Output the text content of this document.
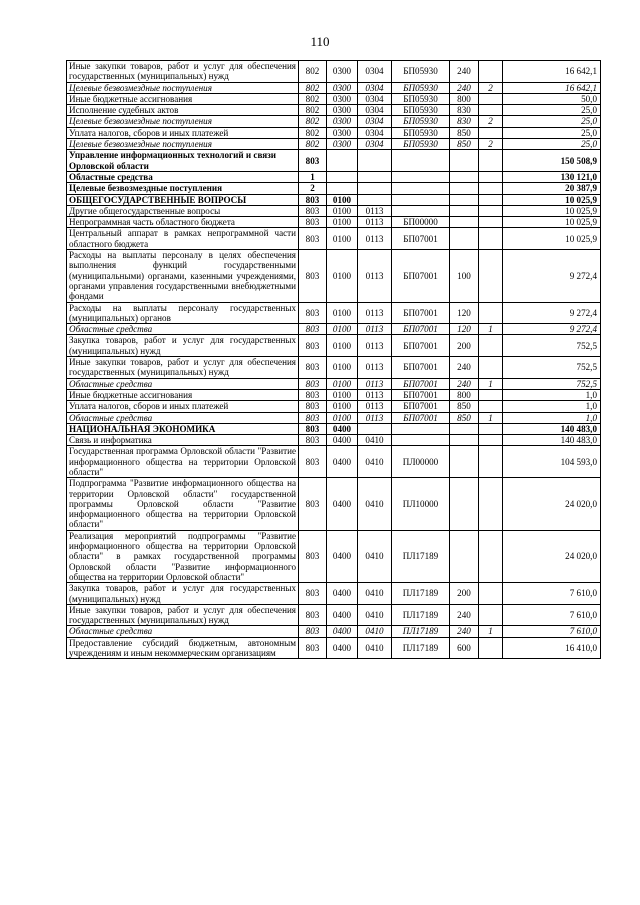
110
Иные закупки товаров, работ и услуг для обеспечения государственных (муниципальных) нужд	802	0300	0304	БП05930	240		16 642,1
Целевые безвозмездные поступления	802	0300	0304	БП05930	240	2	16 642,1
Иные бюджетные ассигнования	802	0300	0304	БП05930	800		50,0
Исполнение судебных актов	802	0300	0304	БП05930	830		25,0
Целевые безвозмездные поступления	802	0300	0304	БП05930	830	2	25,0
Уплата налогов, сборов и иных платежей	802	0300	0304	БП05930	850		25,0
Целевые безвозмездные поступления	802	0300	0304	БП05930	850	2	25,0
Управление информационных технологий и связи Орловской области	803						150 508,9
Областные средства	1						130 121,0
Целевые безвозмездные поступления	2						20 387,9
ОБЩЕГОСУДАРСТВЕННЫЕ ВОПРОСЫ	803	0100					10 025,9
Другие общегосударственные вопросы	803	0100	0113				10 025,9
Непрограммная часть областного бюджета	803	0100	0113	БП00000			10 025,9
Центральный аппарат в рамках непрограммной части областного бюджета	803	0100	0113	БП07001			10 025,9
Расходы на выплаты персоналу в целях обеспечения выполнения функций государственными (муниципальными) органами, казенными учреждениями, органами управления государственными внебюджетными фондами	803	0100	0113	БП07001	100		9 272,4
Расходы на выплаты персоналу государственных (муниципальных) органов	803	0100	0113	БП07001	120		9 272,4
Областные средства	803	0100	0113	БП07001	120	1	9 272,4
Закупка товаров, работ и услуг для государственных (муниципальных) нужд	803	0100	0113	БП07001	200		752,5
Иные закупки товаров, работ и услуг для обеспечения государственных (муниципальных) нужд	803	0100	0113	БП07001	240		752,5
Областные средства	803	0100	0113	БП07001	240	1	752,5
Иные бюджетные ассигнования	803	0100	0113	БП07001	800		1,0
Уплата налогов, сборов и иных платежей	803	0100	0113	БП07001	850		1,0
Областные средства	803	0100	0113	БП07001	850	1	1,0
НАЦИОНАЛЬНАЯ ЭКОНОМИКА	803	0400					140 483,0
Связь и информатика	803	0400	0410				140 483,0
Государственная программа Орловской области "Развитие информационного общества на территории Орловской области"	803	0400	0410	ПЛ00000			104 593,0
Подпрограмма "Развитие информационного общества на территории Орловской области" государственной программы Орловской области "Развитие информационного общества на территории Орловской области"	803	0400	0410	ПЛ10000			24 020,0
Реализация мероприятий подпрограммы "Развитие информационного общества на территории Орловской области" в рамках государственной программы Орловской области "Развитие информационного общества на территории Орловской области"	803	0400	0410	ПЛ17189			24 020,0
Закупка товаров, работ и услуг для государственных (муниципальных) нужд	803	0400	0410	ПЛ17189	200		7 610,0
Иные закупки товаров, работ и услуг для обеспечения государственных (муниципальных) нужд	803	0400	0410	ПЛ17189	240		7 610,0
Областные средства	803	0400	0410	ПЛ17189	240	1	7 610,0
Предоставление субсидий бюджетным, автономным учреждениям и иным некоммерческим организациям	803	0400	0410	ПЛ17189	600		16 410,0
